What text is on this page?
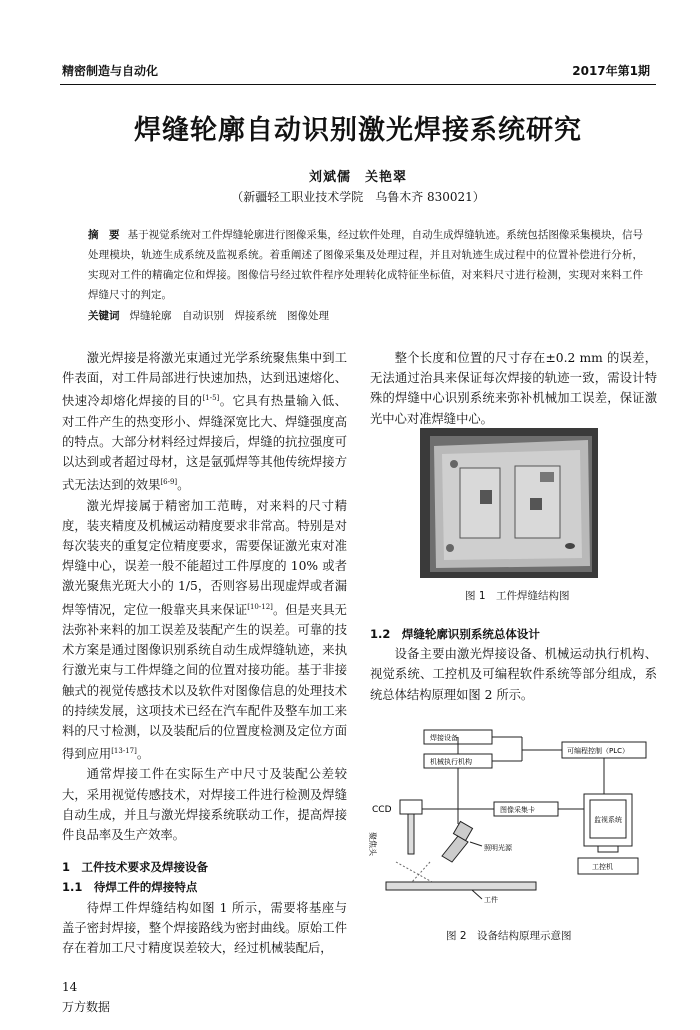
精密制造与自动化	2017年第1期
焊缝轮廓自动识别激光焊接系统研究
刘斌儒　关艳翠
（新疆轻工职业技术学院　乌鲁木齐 830021）
摘　要 基于视觉系统对工件焊缝轮廓进行图像采集，经过软件处理，自动生成焊缝轨迹。系统包括图像采集模块，信号处理模块，轨迹生成系统及监视系统。着重阐述了图像采集及处理过程，并且对轨迹生成过程中的位置补偿进行分析，实现对工件的精确定位和焊接。图像信号经过软件程序处理转化成特征坐标值，对来料尺寸进行检测，实现对来料工件焊缝尺寸的判定。
关键词 焊缝轮廓　自动识别　焊接系统　图像处理

激光焊接是将激光束通过光学系统聚焦集中到工件表面，对工件局部进行快速加热，达到迅速熔化、快速冷却熔化焊接的目的[1-5]。它具有热量输入低、对工件产生的热变形小、焊缝深宽比大、焊缝强度高的特点。大部分材料经过焊接后，焊缝的抗拉强度可以达到或者超过母材，这是氩弧焊等其他传统焊接方式无法达到的效果[6-9]。

激光焊接属于精密加工范畴，对来料的尺寸精度，装夹精度及机械运动精度要求非常高。特别是对每次装夹的重复定位精度要求，需要保证激光束对准焊缝中心，误差一般不能超过工件厚度的 10% 或者激光聚焦光斑大小的 1/5，否则容易出现虚焊或者漏焊等情况，定位一般靠夹具来保证[10-12]。但是夹具无法弥补来料的加工误差及装配产生的误差。可靠的技术方案是通过图像识别系统自动生成焊缝轨迹，来执行激光束与工件焊缝之间的位置对接功能。基于非接触式的视觉传感技术以及软件对图像信息的处理技术的持续发展，这项技术已经在汽车配件及整车加工来料的尺寸检测，以及装配后的位置度检测及定位方面得到应用[13-17]。

通常焊接工件在实际生产中尺寸及装配公差较大，采用视觉传感技术，对焊接工件进行检测及焊缝自动生成，并且与激光焊接系统联动工作，提高焊接件良品率及生产效率。

1　工件技术要求及焊接设备

1.1　待焊工件的焊接特点

待焊工件焊缝结构如图 1 所示，需要将基座与盖子密封焊接，整个焊接路线为密封曲线。原始工件存在着加工尺寸精度误差较大，经过机械装配后，

整个长度和位置的尺寸存在±0.2 mm 的误差，无法通过治具来保证每次焊接的轨迹一致，需设计特殊的焊缝中心识别系统来弥补机械加工误差，保证激光中心对准焊缝中心。

图 1　工件焊缝结构图

1.2　焊缝轮廓识别系统总体设计

设备主要由激光焊接设备、机械运动执行机构、视觉系统、工控机及可编程软件系统等部分组成，系统总体结构原理如图 2 所示。

焊接设备
机械执行机构
可编程控制（PLC）
CCD	图像采集卡
监视系统
工控机
聚焦头	照明光源
工件
图 2　设备结构原理示意图
14
万方数据
